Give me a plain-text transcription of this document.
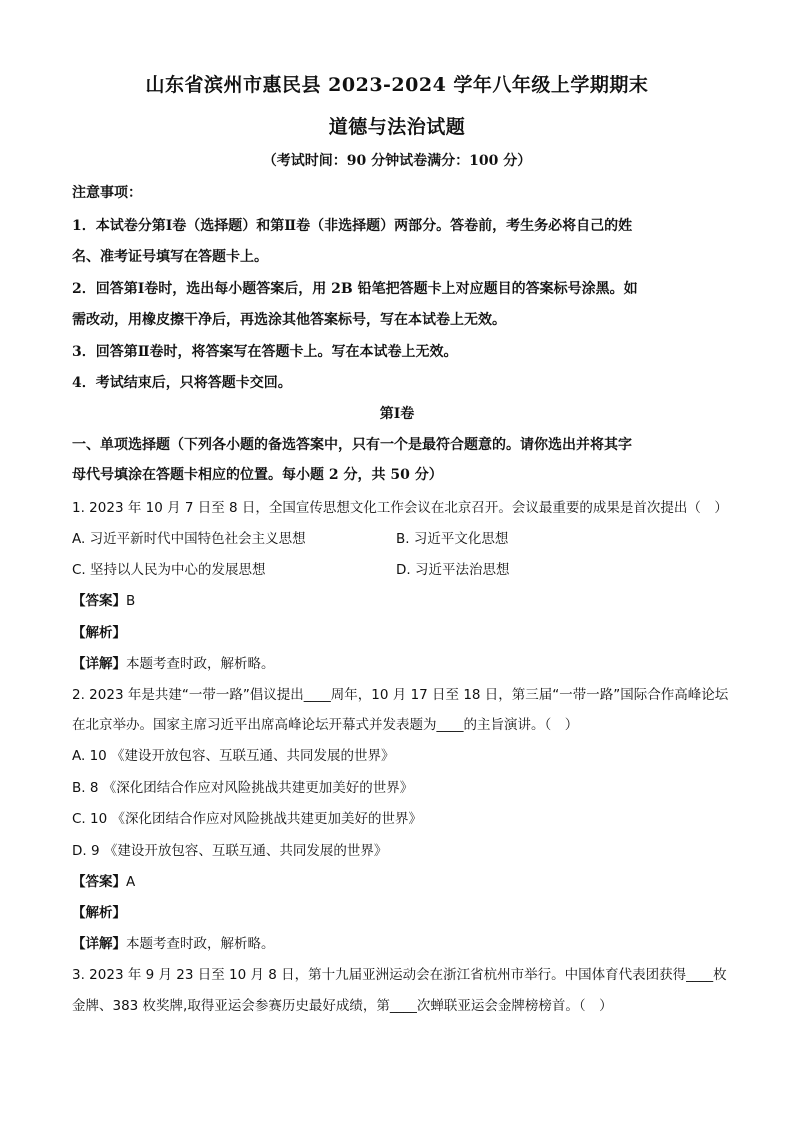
山东省滨州市惠民县 2023-2024 学年八年级上学期期末
道德与法治试题
（考试时间：90 分钟试卷满分：100 分）
注意事项：
1．本试卷分第Ⅰ卷（选择题）和第Ⅱ卷（非选择题）两部分。答卷前，考生务必将自己的姓
名、准考证号填写在答题卡上。
2．回答第Ⅰ卷时，选出每小题答案后，用 2B 铅笔把答题卡上对应题目的答案标号涂黑。如
需改动，用橡皮擦干净后，再选涂其他答案标号，写在本试卷上无效。
3．回答第Ⅱ卷时，将答案写在答题卡上。写在本试卷上无效。
4．考试结束后，只将答题卡交回。
第Ⅰ卷
一、单项选择题（下列各小题的备选答案中，只有一个是最符合题意的。请你选出并将其字
母代号填涂在答题卡相应的位置。每小题 2 分，共 50 分）
1. 2023 年 10 月 7 日至 8 日，全国宣传思想文化工作会议在北京召开。会议最重要的成果是首次提出（　）
A. 习近平新时代中国特色社会主义思想	B. 习近平文化思想
C. 坚持以人民为中心的发展思想	D. 习近平法治思想
【答案】B
【解析】
【详解】本题考查时政，解析略。
2. 2023 年是共建“一带一路”倡议提出____周年，10 月 17 日至 18 日，第三届“一带一路”国际合作高峰论坛
在北京举办。国家主席习近平出席高峰论坛开幕式并发表题为____的主旨演讲。（　）
A. 10 《建设开放包容、互联互通、共同发展的世界》
B. 8 《深化团结合作应对风险挑战共建更加美好的世界》
C. 10 《深化团结合作应对风险挑战共建更加美好的世界》
D. 9 《建设开放包容、互联互通、共同发展的世界》
【答案】A
【解析】
【详解】本题考查时政，解析略。
3. 2023 年 9 月 23 日至 10 月 8 日，第十九届亚洲运动会在浙江省杭州市举行。中国体育代表团获得____枚
金牌、383 枚奖牌,取得亚运会参赛历史最好成绩，第____次蝉联亚运会金牌榜榜首。（　）
